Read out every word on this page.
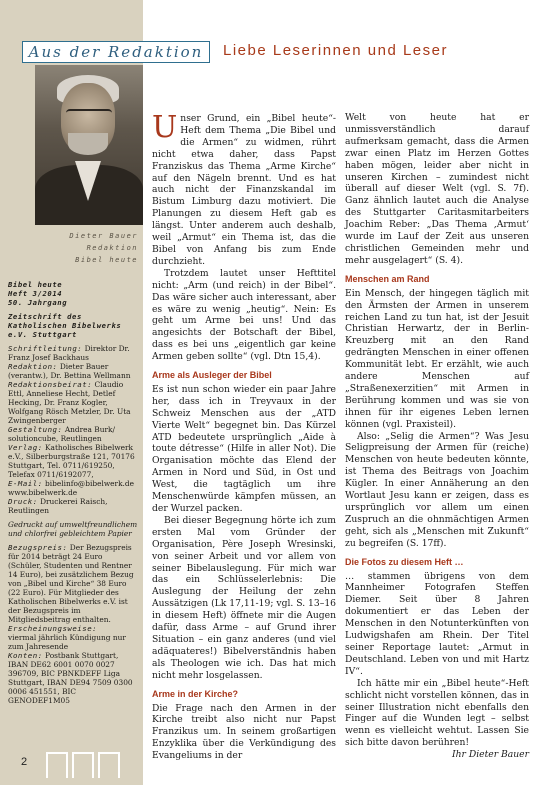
Aus der Redaktion Liebe Leserinnen und Leser
Dieter Bauer
Redaktion
Bibel heute

Bibel heute
Heft 3/2014
50. Jahrgang

Zeitschrift des Katholischen Bibelwerks e.V. Stuttgart

Schriftleitung: Direktor Dr. Franz Josef Backhaus
Redaktion: Dieter Bauer (verantw.), Dr. Bettina Wellmann
Redaktionsbeirat: Claudio Ettl, Anneliese Hecht, Detlef Hecking, Dr. Franz Kogler, Wolfgang Rösch Metzler, Dr. Uta Zwingenberger
Gestaltung: Andrea Burk/ solutioncube, Reutlingen
Verlag: Katholisches Bibelwerk e.V., Silberburgstraße 121, 70176 Stuttgart, Tel. 0711/619250, Telefax 0711/6192077,
E-Mail: bibelinfo@bibelwerk.de www.bibelwerk.de
Druck: Druckerei Raisch, Reutlingen

Gedruckt auf umweltfreundlichem und chlorfrei gebleichtem Papier

Bezugspreis: Der Bezugspreis für 2014 beträgt 24 Euro (Schüler, Studenten und Rentner 14 Euro), bei zusätzlichem Bezug von „Bibel und Kirche“ 38 Euro (22 Euro). Für Mitglieder des Katholischen Bibelwerks e.V. ist der Bezugspreis im Mitgliedsbeitrag enthalten.
Erscheinungsweise:
viermal jährlich Kündigung nur zum Jahresende
Konten: Postbank Stuttgart, IBAN DE62 6001 0070 0027 396709, BIC PBNKDEFF Liga Stuttgart, IBAN DE94 7509 0300 0006 451551, BIC GENODEF1M05

2

Unser Grund, ein „Bibel heute“-Heft dem Thema „Die Bibel und die Armen“ zu widmen, rührt nicht etwa daher, dass Papst Franziskus das Thema „Arme Kirche“ auf den Nägeln brennt. Und es hat auch nicht der Finanzskandal im Bistum Limburg dazu motiviert. Die Planungen zu diesem Heft gab es längst. Unter anderem auch deshalb, weil „Armut“ ein Thema ist, das die Bibel von Anfang bis zum Ende durchzieht.

Trotzdem lautet unser Hefttitel nicht: „Arm (und reich) in der Bibel“. Das wäre sicher auch interessant, aber es wäre zu wenig „heutig“. Nein: Es geht um Arme bei uns! Und das angesichts der Botschaft der Bibel, dass es bei uns „eigentlich gar keine Armen geben sollte“ (vgl. Dtn 15,4).

Arme als Ausleger der Bibel

Es ist nun schon wieder ein paar Jahre her, dass ich in Treyvaux in der Schweiz Menschen aus der „ATD Vierte Welt“ begegnet bin. Das Kürzel ATD bedeutete ursprünglich „Aide à toute détresse“ (Hilfe in aller Not). Die Organisation möchte das Elend der Armen in Nord und Süd, in Ost und West, die tagtäglich um ihre Menschenwürde kämpfen müssen, an der Wurzel packen.

Bei dieser Begegnung hörte ich zum ersten Mal vom Gründer der Organisation, Père Joseph Wresinski, von seiner Arbeit und vor allem von seiner Bibelauslegung. Für mich war das ein Schlüsselerlebnis: Die Auslegung der Heilung der zehn Aussätzigen (Lk 17,11-19; vgl. S. 13–16 in diesem Heft) öffnete mir die Augen dafür, dass Arme – auf Grund ihrer Situation – ein ganz anderes (und viel adäquateres!) Bibelverständnis haben als Theologen wie ich. Das hat mich nicht mehr losgelassen.

Arme in der Kirche?

Die Frage nach den Armen in der Kirche treibt also nicht nur Papst Franzikus um. In seinem großartigen Enzyklika über die Verkündigung des Evangeliums in der

Welt von heute hat er unmissverständlich darauf aufmerksam gemacht, dass die Armen zwar einen Platz im Herzen Gottes haben mögen, leider aber nicht in unseren Kirchen – zumindest nicht überall auf dieser Welt (vgl. S. 7f). Ganz ähnlich lautet auch die Analyse des Stuttgarter Caritasmitarbeiters Joachim Reber: „Das Thema ‚Armut‘ wurde im Lauf der Zeit aus unseren christlichen Gemeinden mehr und mehr ausgelagert“ (S. 4).

Menschen am Rand

Ein Mensch, der hingegen täglich mit den Ärmsten der Armen in unserem reichen Land zu tun hat, ist der Jesuit Christian Herwartz, der in Berlin-Kreuzberg mit an den Rand gedrängten Menschen in einer offenen Kommunität lebt. Er erzählt, wie auch andere Menschen auf „Straßenexerzitien“ mit Armen in Berührung kommen und was sie von ihnen für ihr eigenes Leben lernen können (vgl. Praxisteil).

Also: „Selig die Armen“? Was Jesu Seligpreisung der Armen für (reiche) Menschen von heute bedeuten könnte, ist Thema des Beitrags von Joachim Kügler. In einer Annäherung an den Wortlaut Jesu kann er zeigen, dass es ursprünglich vor allem um einen Zuspruch an die ohnmächtigen Armen geht, sich als „Menschen mit Zukunft“ zu begreifen (S. 17ff).

Die Fotos zu diesem Heft …

… stammen übrigens von dem Mannheimer Fotografen Steffen Diemer. Seit über 8 Jahren dokumentiert er das Leben der Menschen in den Notunterkünften von Ludwigshafen am Rhein. Der Titel seiner Reportage lautet: „Armut in Deutschland. Leben von und mit Hartz IV“.

Ich hätte mir ein „Bibel heute“-Heft schlicht nicht vorstellen können, das in seiner Illustration nicht ebenfalls den Finger auf die Wunden legt – selbst wenn es vielleicht wehtut. Lassen Sie sich bitte davon berühren!

Ihr Dieter Bauer
